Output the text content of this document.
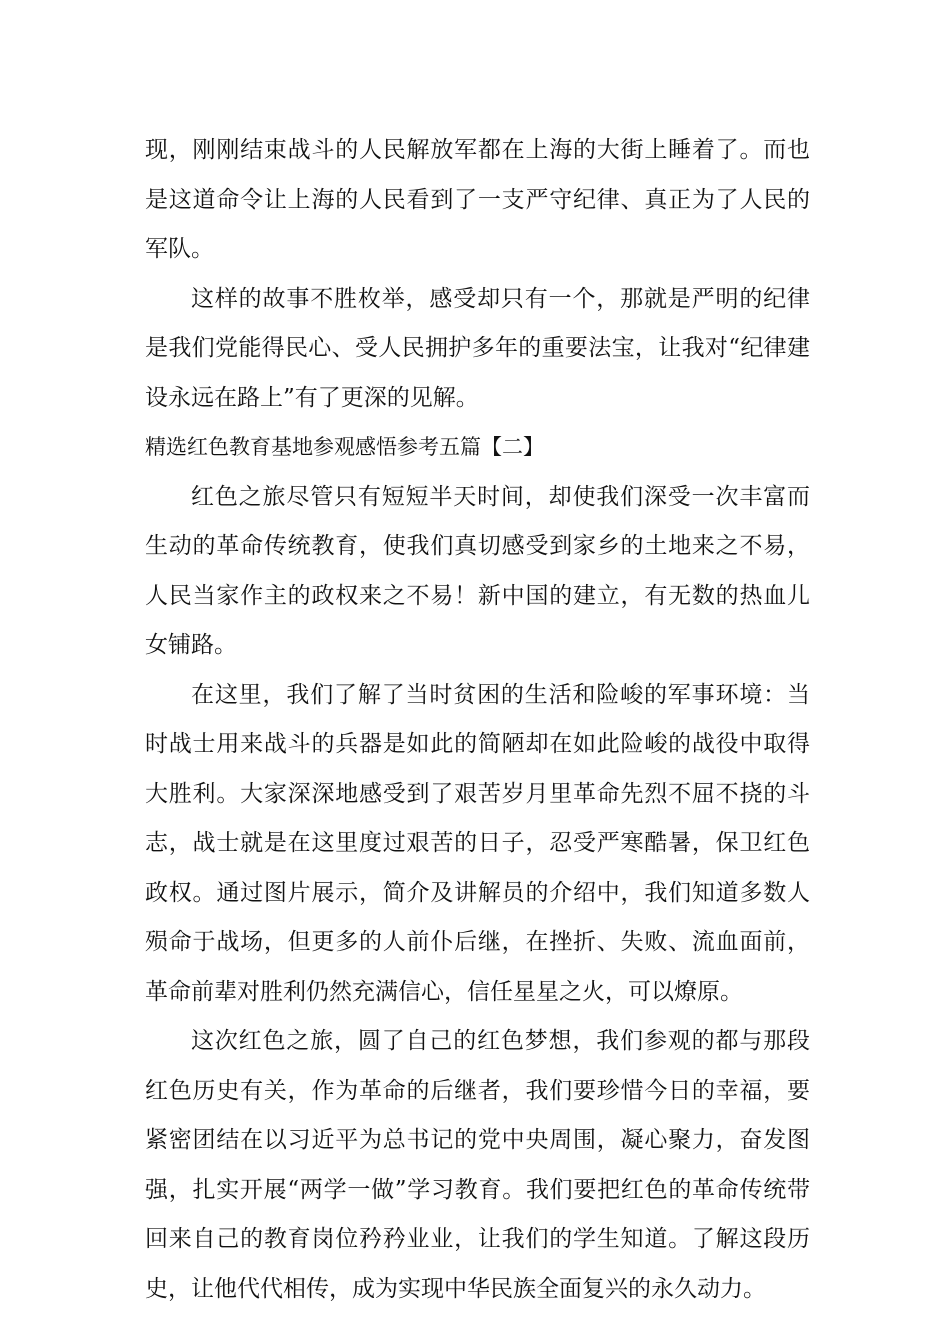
现，刚刚结束战斗的人民解放军都在上海的大街上睡着了。而也是这道命令让上海的人民看到了一支严守纪律、真正为了人民的军队。

这样的故事不胜枚举，感受却只有一个，那就是严明的纪律是我们党能得民心、受人民拥护多年的重要法宝，让我对“纪律建设永远在路上”有了更深的见解。

精选红色教育基地参观感悟参考五篇【二】

红色之旅尽管只有短短半天时间，却使我们深受一次丰富而生动的革命传统教育，使我们真切感受到家乡的土地来之不易，人民当家作主的政权来之不易！新中国的建立，有无数的热血儿女铺路。

在这里，我们了解了当时贫困的生活和险峻的军事环境：当时战士用来战斗的兵器是如此的简陋却在如此险峻的战役中取得大胜利。大家深深地感受到了艰苦岁月里革命先烈不屈不挠的斗志，战士就是在这里度过艰苦的日子，忍受严寒酷暑，保卫红色政权。通过图片展示，简介及讲解员的介绍中，我们知道多数人殒命于战场，但更多的人前仆后继，在挫折、失败、流血面前，革命前辈对胜利仍然充满信心，信任星星之火，可以燎原。

这次红色之旅，圆了自己的红色梦想，我们参观的都与那段红色历史有关，作为革命的后继者，我们要珍惜今日的幸福，要紧密团结在以习近平为总书记的党中央周围，凝心聚力，奋发图强，扎实开展“两学一做”学习教育。我们要把红色的革命传统带回来自己的教育岗位矜矜业业，让我们的学生知道。了解这段历史，让他代代相传，成为实现中华民族全面复兴的永久动力。
